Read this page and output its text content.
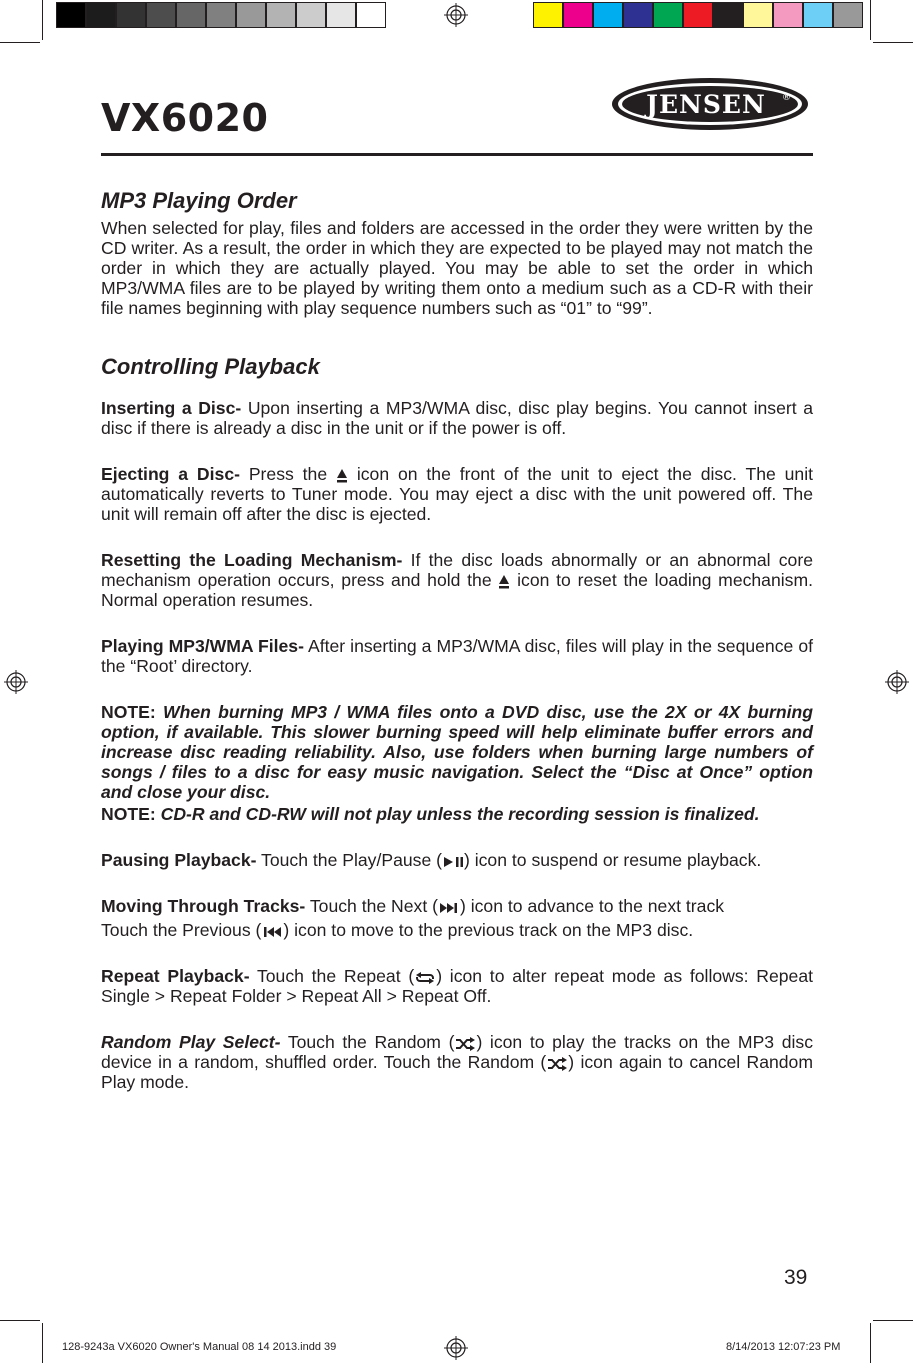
VX6020	JENSEN ®
MP3 Playing Order

When selected for play, files and folders are accessed in the order they were written by the CD writer. As a result, the order in which they are expected to be played may not match the order in which they are actually played. You may be able to set the order in which MP3/WMA files are to be played by writing them onto a medium such as a CD-R with their file names beginning with play sequence numbers such as “01” to “99”.

Controlling Playback

Inserting a Disc- Upon inserting a MP3/WMA disc, disc play begins. You cannot insert a disc if there is already a disc in the unit or if the power is off.

Ejecting a Disc- Press the  icon on the front of the unit to eject the disc. The unit automatically reverts to Tuner mode. You may eject a disc with the unit powered off. The unit will remain off after the disc is ejected.

Resetting the Loading Mechanism- If the disc loads abnormally or an abnormal core mechanism operation occurs, press and hold the  icon to reset the loading mechanism. Normal operation resumes.

Playing MP3/WMA Files- After inserting a MP3/WMA disc, files will play in the sequence of the “Root’ directory.

NOTE: When burning MP3 / WMA files onto a DVD disc, use the 2X or 4X burning option, if available. This slower burning speed will help eliminate buffer errors and increase disc reading reliability. Also, use folders when burning large numbers of songs / files to a disc for easy music navigation. Select the “Disc at Once” option and close your disc.

NOTE: CD-R and CD-RW will not play unless the recording session is finalized.

Pausing Playback- Touch the Play/Pause ( ) icon to suspend or resume playback.

Moving Through Tracks- Touch the Next ( ) icon to advance to the next track

Touch the Previous ( ) icon to move to the previous track on the MP3 disc.

Repeat Playback- Touch the Repeat ( ) icon to alter repeat mode as follows: Repeat Single > Repeat Folder > Repeat All > Repeat Off.

Random Play Select- Touch the Random ( ) icon to play the tracks on the MP3 disc device in a random, shuffled order. Touch the Random ( ) icon again to cancel Random Play mode.

39
128-9243a VX6020 Owner's Manual 08 14 2013.indd 39	8/14/2013 12:07:23 PM
